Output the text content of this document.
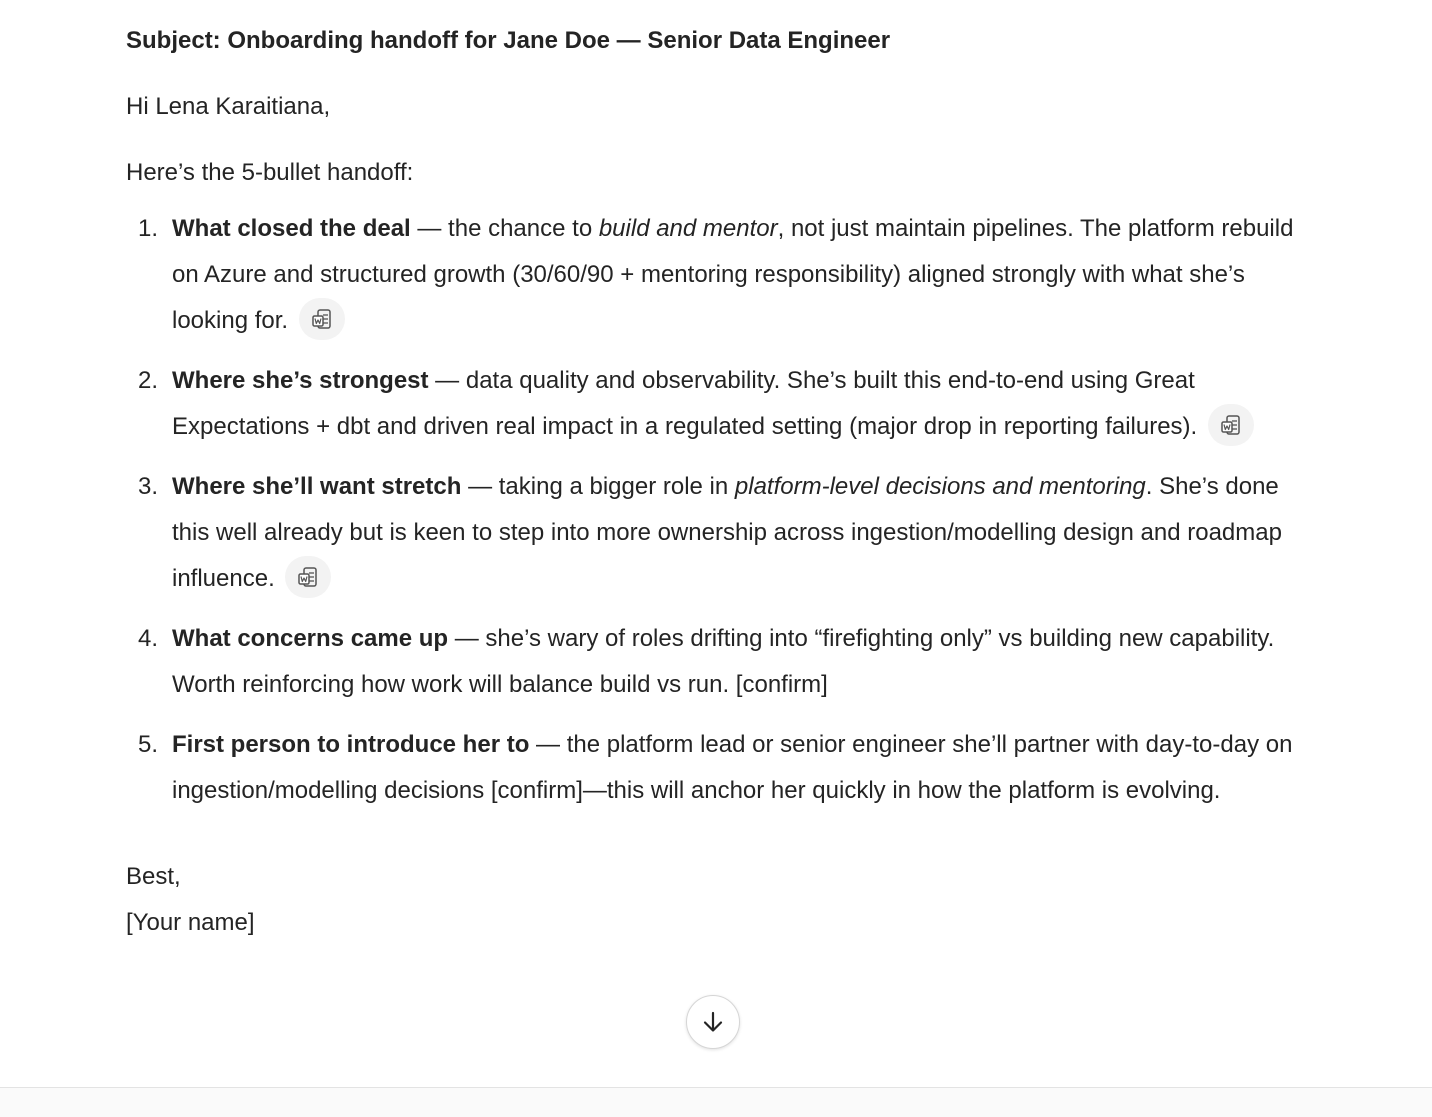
Subject: Onboarding handoff for Jane Doe — Senior Data Engineer

Hi Lena Karaitiana,

Here’s the 5-bullet handoff:

1. What closed the deal — the chance to build and mentor, not just maintain pipelines. The platform rebuild on Azure and structured growth (30/60/90 + mentoring responsibility) aligned strongly with what she’s looking for.
2. Where she’s strongest — data quality and observability. She’s built this end-to-end using Great Expectations + dbt and driven real impact in a regulated setting (major drop in reporting failures).
3. Where she’ll want stretch — taking a bigger role in platform-level decisions and mentoring. She’s done this well already but is keen to step into more ownership across ingestion/modelling design and roadmap influence.
4. What concerns came up — she’s wary of roles drifting into “firefighting only” vs building new capability. Worth reinforcing how work will balance build vs run. [confirm]
5. First person to introduce her to — the platform lead or senior engineer she’ll partner with day-to-day on ingestion/modelling decisions [confirm]—this will anchor her quickly in how the platform is evolving.
Best,
[Your name]
